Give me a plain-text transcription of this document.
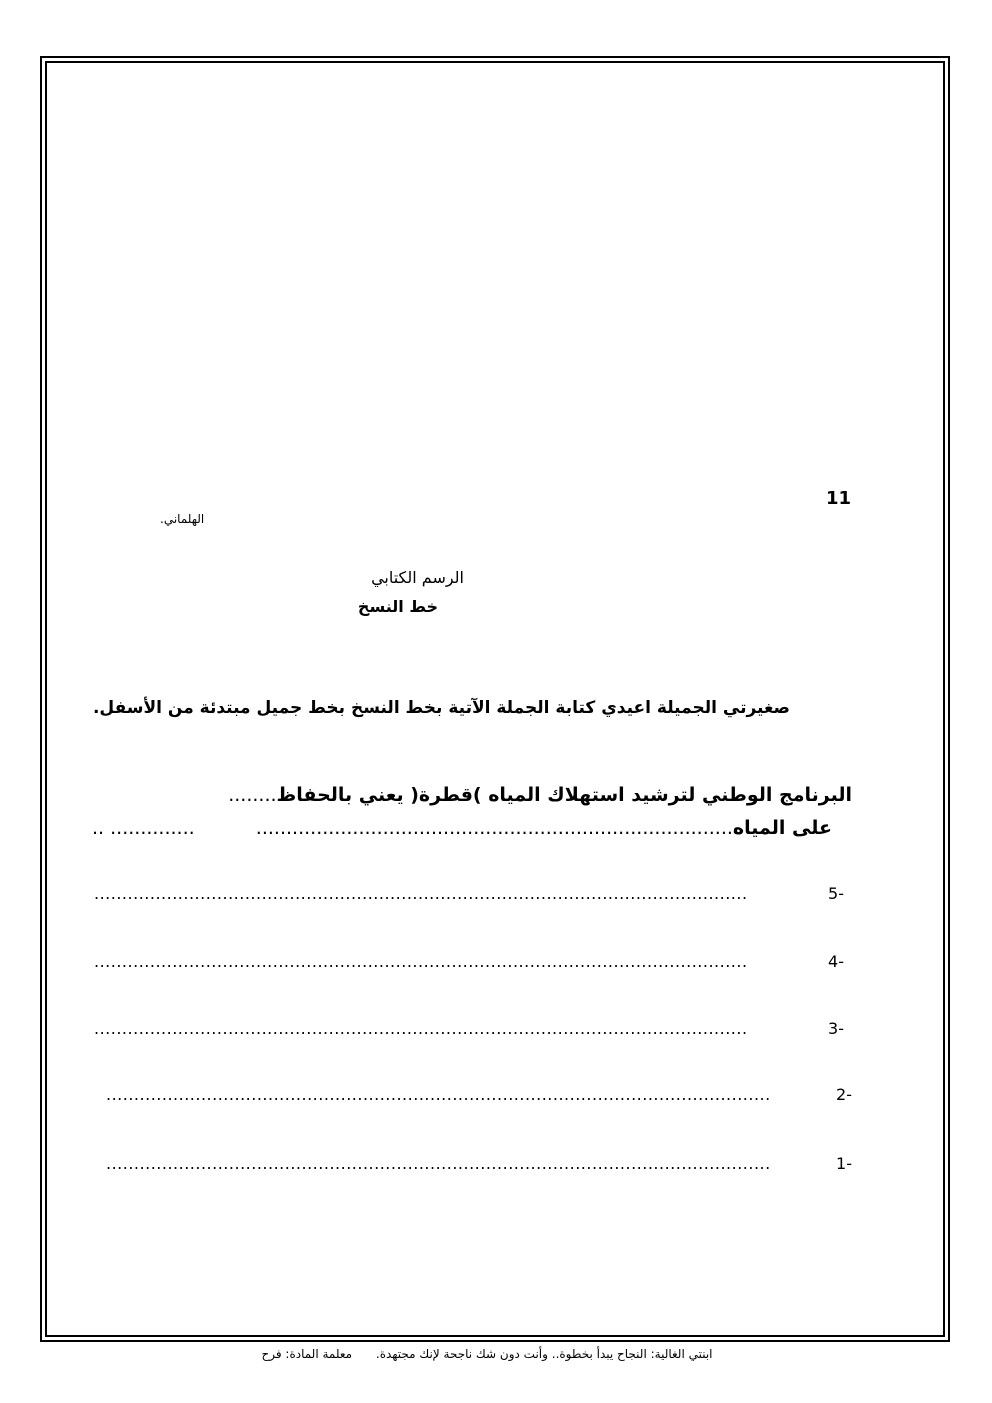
11
الهلماني.
الرسم الكتابي
خط النسخ
صغيرتي الجميلة اعيدي كتابة الجملة الآتية بخط النسخ بخط جميل مبتدئة من الأسفل.
البرنامج الوطني لترشيد استهلاك المياه )قطرة( يعني بالحفاظ........
على المياه...............................................................................
.. ..............
.....................................................................................................................	5-
.....................................................................................................................	4-
.....................................................................................................................	3-
.......................................................................................................................	2-
.......................................................................................................................	1-
ابنتي الغالية: النجاح يبدأ بخطوة.. وأنت دون شك ناجحة لإنك مجتهدة. معلمة المادة: فرح
